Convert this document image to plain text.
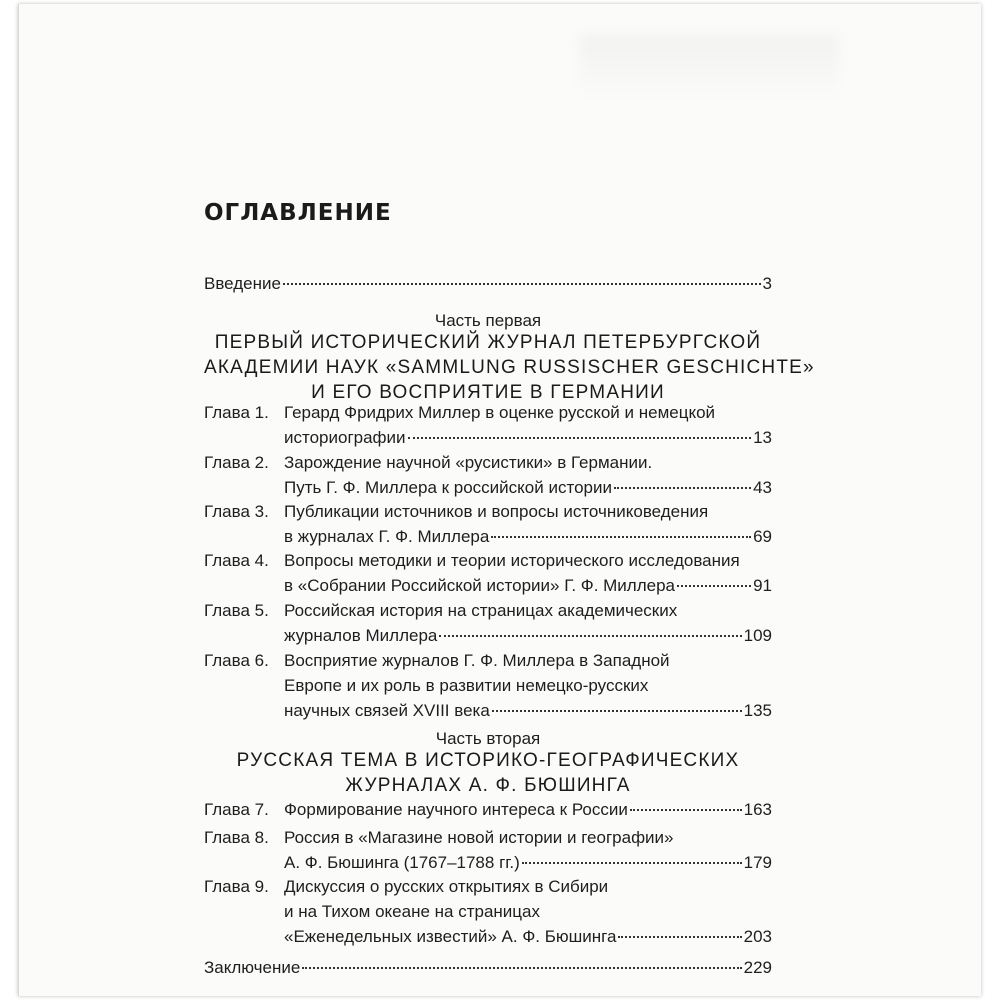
ОГЛАВЛЕНИЕ
Введение	3
Часть первая
ПЕРВЫЙ ИСТОРИЧЕСКИЙ ЖУРНАЛ ПЕТЕРБУРГСКОЙ
АКАДЕМИИ НАУК «SAMMLUNG RUSSISCHER GESCHICHTE»
И ЕГО ВОСПРИЯТИЕ В ГЕРМАНИИ
Глава 1. Герард Фридрих Миллер в оценке русской и немецкой
историографии	13
Глава 2. Зарождение научной «русистики» в Германии.
Путь Г. Ф. Миллера к российской истории	43
Глава 3. Публикации источников и вопросы источниковедения
в журналах Г. Ф. Миллера	69
Глава 4. Вопросы методики и теории исторического исследования
в «Собрании Российской истории» Г. Ф. Миллера	91
Глава 5. Российская история на страницах академических
журналов Миллера	109
Глава 6. Восприятие журналов Г. Ф. Миллера в Западной
Европе и их роль в развитии немецко-русских
научных связей XVIII века	135
Часть вторая
РУССКАЯ ТЕМА В ИСТОРИКО-ГЕОГРАФИЧЕСКИХ
ЖУРНАЛАХ А. Ф. БЮШИНГА
Глава 7. Формирование научного интереса к России	163
Глава 8. Россия в «Магазине новой истории и географии»
А. Ф. Бюшинга (1767–1788 гг.)	179
Глава 9. Дискуссия о русских открытиях в Сибири
и на Тихом океане на страницах
«Еженедельных известий» А. Ф. Бюшинга	203
Заключение	229
